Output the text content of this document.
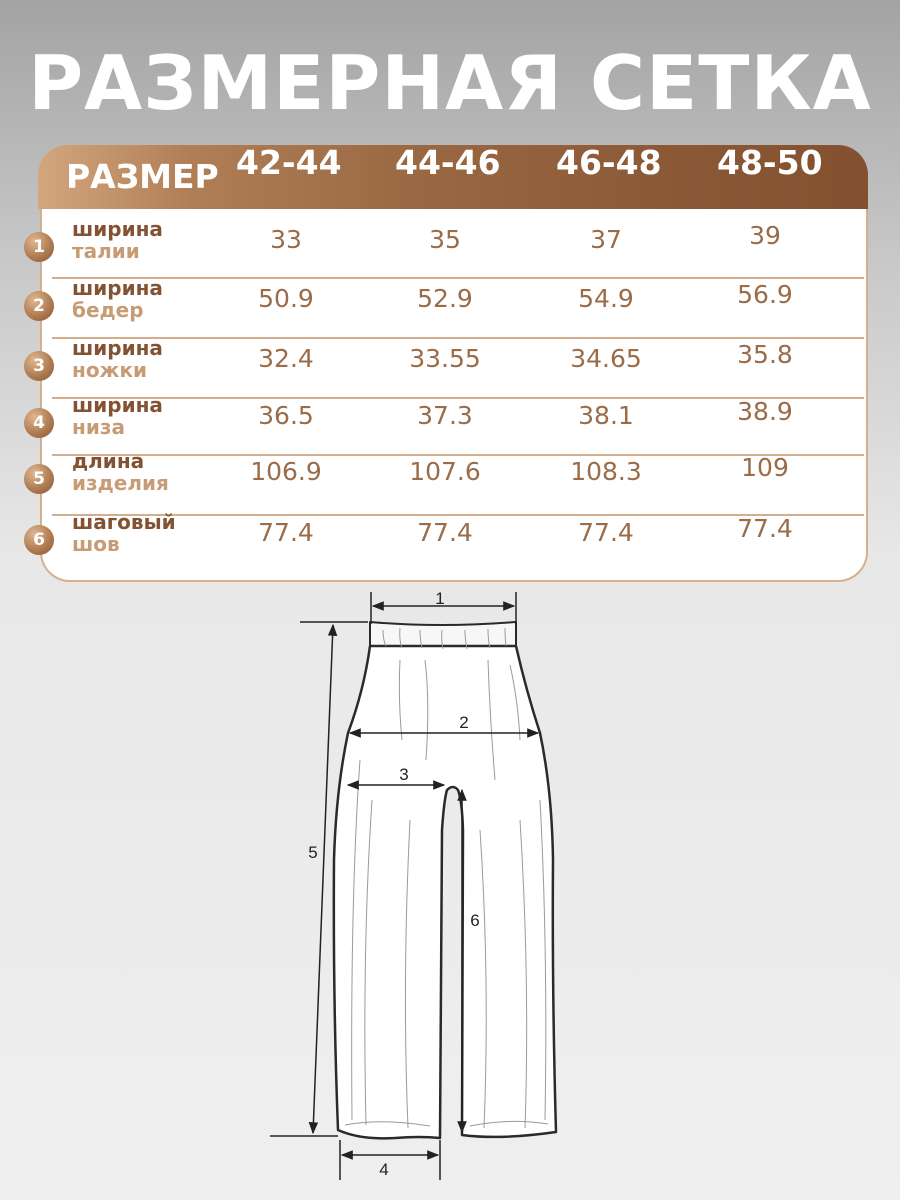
РАЗМЕРНАЯ СЕТКА
РАЗМЕР 42-44 44-46 46-48 48-50
1
ширина
талии	33	35	37	39
2
ширина
бедер	50.9	52.9	54.9	56.9
3
ширина
ножки	32.4	33.55	34.65	35.8
4
ширина
низа	36.5	37.3	38.1	38.9
5
длина
изделия	106.9	107.6	108.3	109
6
шаговый
шов	77.4	77.4	77.4	77.4
1
2
3
4
5
6
